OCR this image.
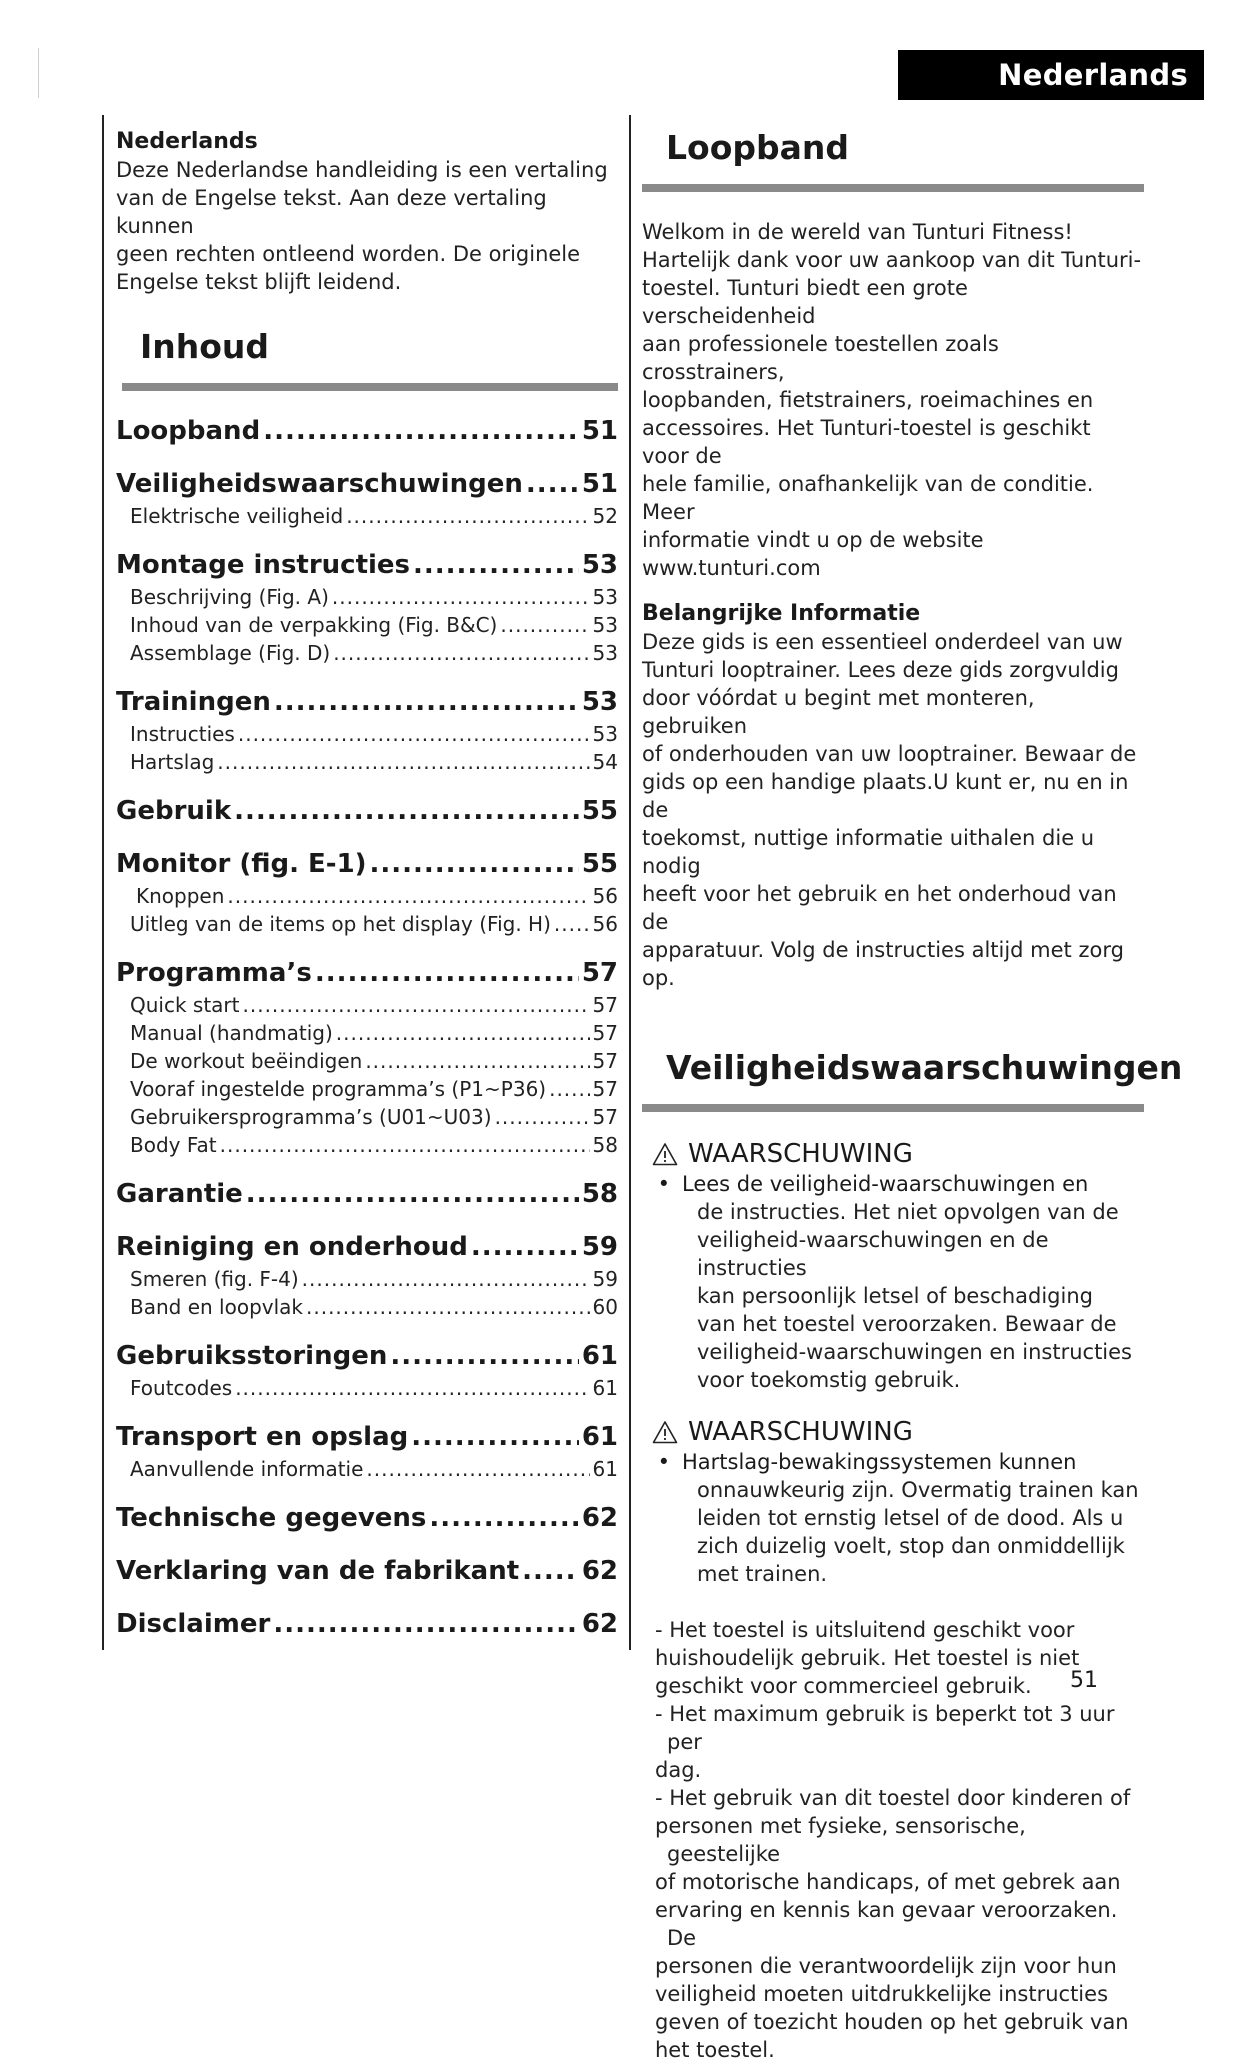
Nederlands
Nederlands
Deze Nederlandse handleiding is een vertaling
van de Engelse tekst. Aan deze vertaling kunnen
geen rechten ontleend worden. De originele
Engelse tekst blijft leidend.
Inhoud
Loopband .....	51
Veiligheidswaarschuwingen ..... 51
Elektrische veiligheid .....	52
Montage instructies .....	53
Beschrijving (Fig. A) .....	53
Inhoud van de verpakking (Fig. B&C) .....	53
Assemblage (Fig. D) .....	53
Trainingen .....	53
Instructies .....	53
Hartslag .....	54
Gebruik .....	55
Monitor (fig. E-1) .....	55
Knoppen .....	56
Uitleg van de items op het display (Fig. H) ..... 56
Programma’s .....	57
Quick start .....	57
Manual (handmatig) .....	57
De workout beëindigen .....	57
Vooraf ingestelde programma’s (P1~P36) ..... 57
Gebruikersprogramma’s (U01~U03) .....	57
Body Fat .....	58
Garantie .....	58
Reiniging en onderhoud .....	59
Smeren (fig. F-4) .....	59
Band en loopvlak .....	60
Gebruiksstoringen .....	61
Foutcodes .....	61
Transport en opslag .....	61
Aanvullende informatie .....	61
Technische gegevens .....	62
Verklaring van de fabrikant ..... 62
Disclaimer .....	62
Loopband
Welkom in de wereld van Tunturi Fitness!
Hartelijk dank voor uw aankoop van dit Tunturi-
toestel. Tunturi biedt een grote verscheidenheid
aan professionele toestellen zoals crosstrainers,
loopbanden, fietstrainers, roeimachines en
accessoires. Het Tunturi-toestel is geschikt voor de
hele familie, onafhankelijk van de conditie. Meer
informatie vindt u op de website www.tunturi.com
Belangrijke Informatie
Deze gids is een essentieel onderdeel van uw
Tunturi looptrainer. Lees deze gids zorgvuldig
door vóórdat u begint met monteren, gebruiken
of onderhouden van uw looptrainer. Bewaar de
gids op een handige plaats.U kunt er, nu en in de
toekomst, nuttige informatie uithalen die u nodig
heeft voor het gebruik en het onderhoud van de
apparatuur. Volg de instructies altijd met zorg op.
Veiligheidswaarschuwingen
WAARSCHUWING
• Lees de veiligheid-waarschuwingen en
de instructies. Het niet opvolgen van de
veiligheid-waarschuwingen en de instructies
kan persoonlijk letsel of beschadiging
van het toestel veroorzaken. Bewaar de
veiligheid-waarschuwingen en instructies
voor toekomstig gebruik.
WAARSCHUWING
• Hartslag-bewakingssystemen kunnen
onnauwkeurig zijn. Overmatig trainen kan
leiden tot ernstig letsel of de dood. Als u
zich duizelig voelt, stop dan onmiddellijk
met trainen.
- Het toestel is uitsluitend geschikt voor
huishoudelijk gebruik. Het toestel is niet
geschikt voor commercieel gebruik.
- Het maximum gebruik is beperkt tot 3 uur per
dag.
- Het gebruik van dit toestel door kinderen of
personen met fysieke, sensorische, geestelijke
of motorische handicaps, of met gebrek aan
ervaring en kennis kan gevaar veroorzaken. De
personen die verantwoordelijk zijn voor hun
veiligheid moeten uitdrukkelijke instructies
geven of toezicht houden op het gebruik van
het toestel.
51
